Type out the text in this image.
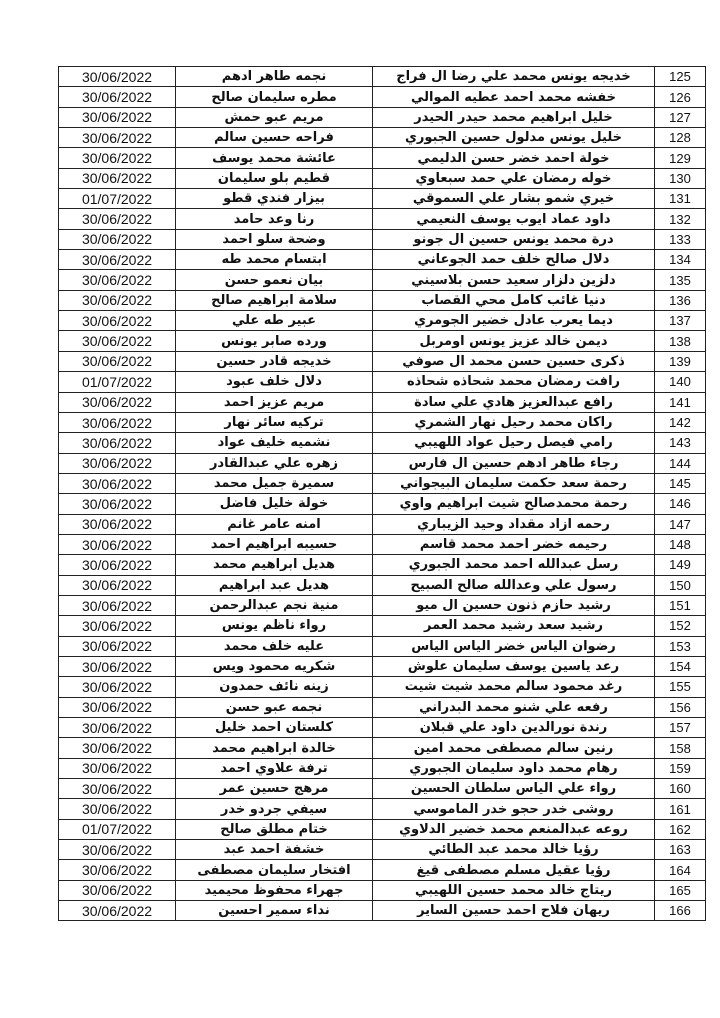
30/06/2022	نجمه طاهر ادهم	خديجه يونس محمد علي رضا ال فراج	125
30/06/2022	مطره سليمان صالح	خفشه محمد احمد عطيه الموالي	126
30/06/2022	مريم عبو حمش	خليل ابراهيم محمد حيدر الحيدر	127
30/06/2022	فراحه حسين سالم	خليل يونس مدلول حسين الجبوري	128
30/06/2022	عائشة محمد يوسف	خولة احمد خضر حسن الدليمي	129
30/06/2022	قطيم بلو سليمان	خوله رمضان علي حمد سبعاوي	130
01/07/2022	بيزار فندي قطو	خيري شمو بشار علي السموقي	131
30/06/2022	رنا وعد حامد	داود عماد ايوب يوسف النعيمي	132
30/06/2022	وضحة سلو احمد	درة محمد يونس حسين ال جونو	133
30/06/2022	ابتسام محمد طه	دلال صالح خلف حمد الجوعاني	134
30/06/2022	بيان نعمو حسن	دلزين دلزار سعيد حسن بلاسيني	135
30/06/2022	سلامة ابراهيم صالح	دنيا غائب كامل محي القصاب	136
30/06/2022	عبير طه علي	ديما يعرب عادل خضير الجومري	137
30/06/2022	ورده صابر يونس	ديمن خالد عزيز يونس اومربل	138
30/06/2022	خديجه قادر حسين	ذكرى حسين حسن محمد ال صوفي	139
01/07/2022	دلال خلف عبود	رافت رمضان محمد شحاذه شحاذه	140
30/06/2022	مريم عزيز احمد	رافع عبدالعزيز هادي علي سادة	141
30/06/2022	تركيه سائر نهار	راكان محمد رحيل نهار الشمري	142
30/06/2022	نشميه خليف عواد	رامي فيصل رحيل عواد اللهيبي	143
30/06/2022	زهره علي عبدالقادر	رجاء طاهر ادهم حسين ال فارس	144
30/06/2022	سميرة جميل محمد	رحمة سعد حكمت سليمان البيجواني	145
30/06/2022	خولة خليل فاضل	رحمة محمدصالح شيت ابراهيم واوي	146
30/06/2022	امنه عامر غانم	رحمه ازاد مقداد وحيد الزيباري	147
30/06/2022	حسيبه ابراهيم احمد	رحيمه خضر احمد محمد قاسم	148
30/06/2022	هديل ابراهيم محمد	رسل عبدالله احمد محمد الجبوري	149
30/06/2022	هديل عبد ابراهيم	رسول علي وعدالله صالح الصبيح	150
30/06/2022	منية نجم عبدالرحمن	رشيد حازم ذنون حسين ال ميو	151
30/06/2022	رواء ناظم يونس	رشيد سعد رشيد محمد العمر	152
30/06/2022	عليه خلف محمد	رضوان الياس خضر الياس الياس	153
30/06/2022	شكريه محمود ويس	رعد ياسين يوسف سليمان علوش	154
30/06/2022	زينه نائف حمدون	رغد محمود سالم محمد شيت شيت	155
30/06/2022	نجمه عبو حسن	رفعه علي شنو محمد البدراني	156
30/06/2022	كلستان احمد خليل	رندة نورالدين داود علي قبلان	157
30/06/2022	خالدة ابراهيم محمد	رنين سالم مصطفى محمد امين	158
30/06/2022	ترفة علاوي احمد	رهام محمد داود سليمان الجبوري	159
30/06/2022	مرهج حسين عمر	رواء علي الياس سلطان الحسين	160
30/06/2022	سيفي جردو خدر	روشى خدر حجو خدر الماموسي	161
01/07/2022	ختام مطلق صالح	روعه عبدالمنعم محمد خضير الدلاوي	162
30/06/2022	خشفة احمد عبد	رؤيا خالد محمد عبد الطائي	163
30/06/2022	افتخار سليمان مصطفى	رؤيا عقيل مسلم مصطفى قيغ	164
30/06/2022	جهراء محفوظ محيميد	ريتاج خالد محمد حسين اللهيبي	165
30/06/2022	نداء سمير احسين	ريهان فلاح احمد حسين الساير	166
